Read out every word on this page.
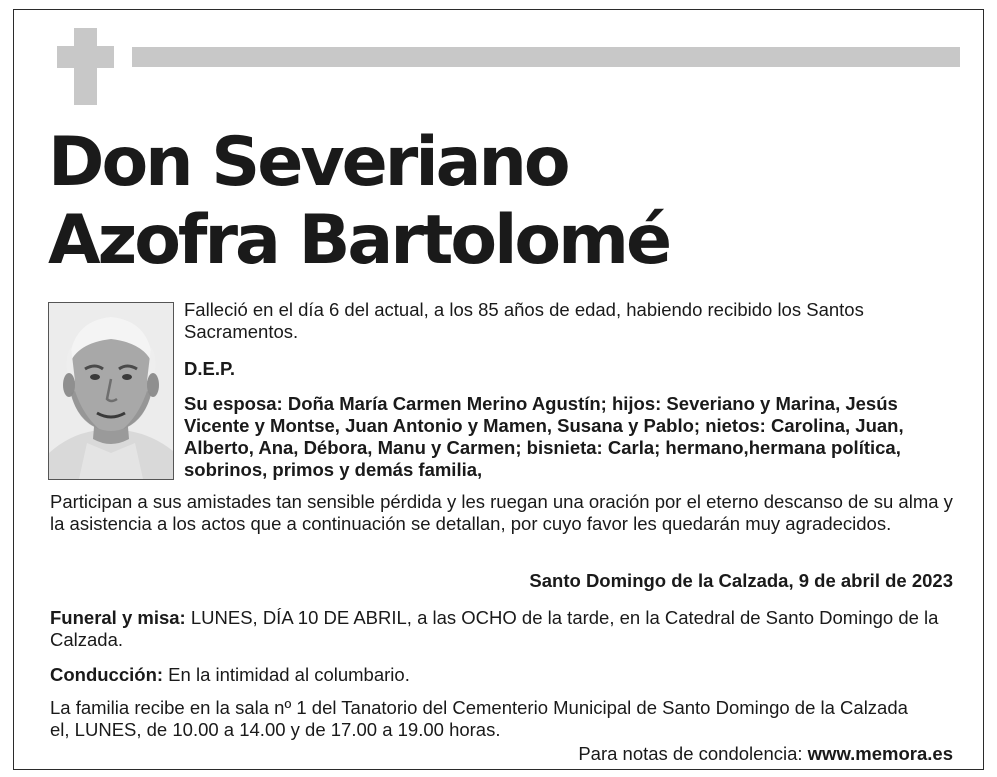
Don Severiano
Azofra Bartolomé
Falleció en el día 6 del actual, a los 85 años de edad, habiendo recibido los Santos Sacramentos.
D.E.P.
Su esposa: Doña María Carmen Merino Agustín; hijos: Severiano y Marina, Jesús Vicente y Montse, Juan Antonio y Mamen, Susana y Pablo; nietos: Carolina, Juan, Alberto, Ana, Débora, Manu y Carmen; bisnieta: Carla; hermano,hermana política, sobrinos, primos y demás familia,
Participan a sus amistades tan sensible pérdida y les ruegan una oración por el eterno descanso de su alma y la asistencia a los actos que a continuación se detallan, por cuyo favor les quedarán muy agradecidos.
Santo Domingo de la Calzada, 9 de abril de 2023
Funeral y misa: LUNES, DÍA 10 DE ABRIL, a las OCHO de la tarde, en la Catedral de Santo Domingo de la Calzada.
Conducción: En la intimidad al columbario.
La familia recibe en la sala nº 1 del Tanatorio del Cementerio Municipal de Santo Domingo de la Calzada el, LUNES, de 10.00 a 14.00 y de 17.00 a 19.00 horas.
Para notas de condolencia: www.memora.es
